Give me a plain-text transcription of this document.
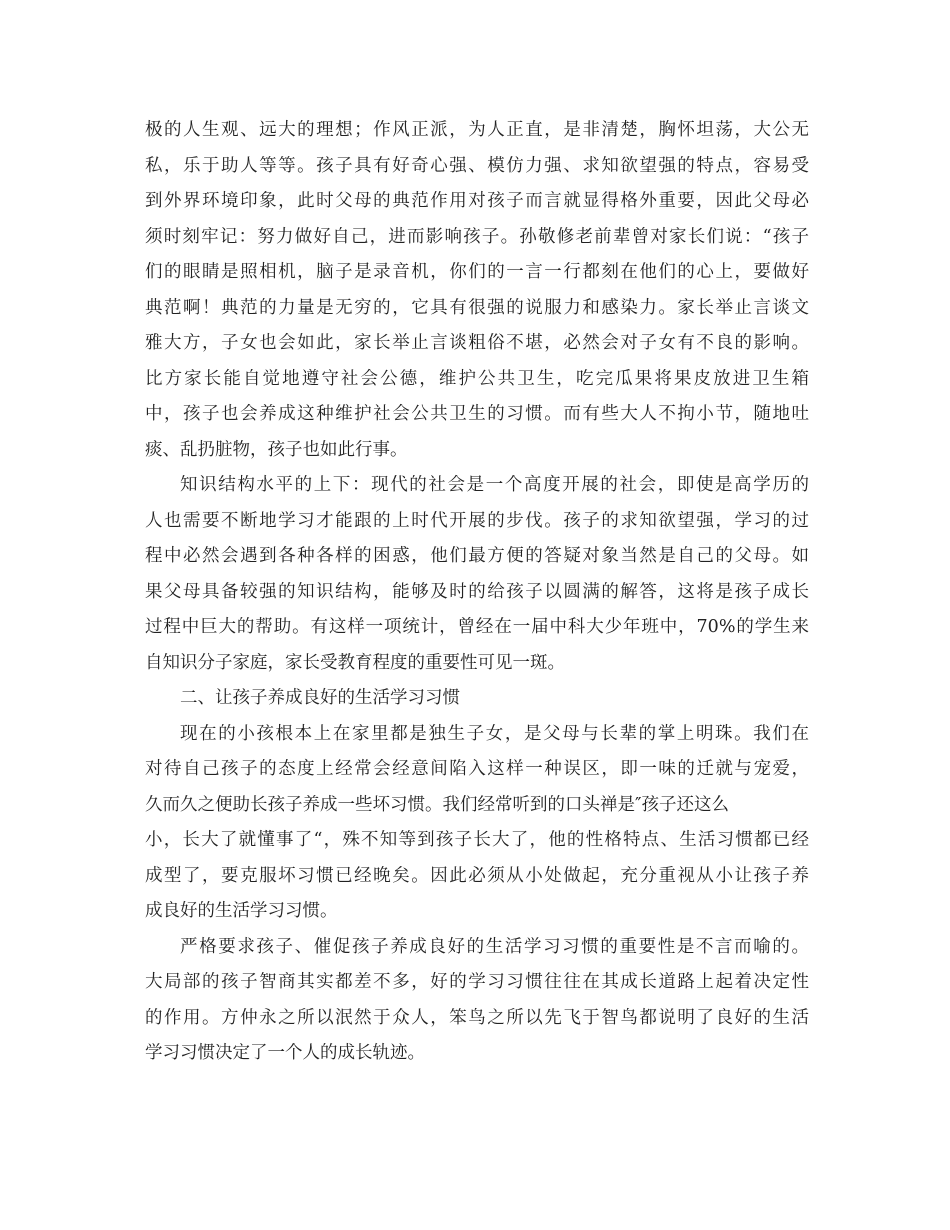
极的人生观、远大的理想；作风正派，为人正直，是非清楚，胸怀坦荡，大公无
私，乐于助人等等。孩子具有好奇心强、模仿力强、求知欲望强的特点，容易受
到外界环境印象，此时父母的典范作用对孩子而言就显得格外重要，因此父母必
须时刻牢记：努力做好自己，进而影响孩子。孙敬修老前辈曾对家长们说：“孩子
们的眼睛是照相机，脑子是录音机，你们的一言一行都刻在他们的心上，要做好
典范啊！典范的力量是无穷的，它具有很强的说服力和感染力。家长举止言谈文
雅大方，子女也会如此，家长举止言谈粗俗不堪，必然会对子女有不良的影响。
比方家长能自觉地遵守社会公德，维护公共卫生，吃完瓜果将果皮放进卫生箱
中，孩子也会养成这种维护社会公共卫生的习惯。而有些大人不拘小节，随地吐
痰、乱扔脏物，孩子也如此行事。

知识结构水平的上下：现代的社会是一个高度开展的社会，即使是高学历的
人也需要不断地学习才能跟的上时代开展的步伐。孩子的求知欲望强，学习的过
程中必然会遇到各种各样的困惑，他们最方便的答疑对象当然是自己的父母。如
果父母具备较强的知识结构，能够及时的给孩子以圆满的解答，这将是孩子成长
过程中巨大的帮助。有这样一项统计，曾经在一届中科大少年班中，70%的学生来
自知识分子家庭，家长受教育程度的重要性可见一斑。

二、让孩子养成良好的生活学习习惯

现在的小孩根本上在家里都是独生子女，是父母与长辈的掌上明珠。我们在
对待自己孩子的态度上经常会经意间陷入这样一种误区，即一味的迁就与宠爱，
久而久之便助长孩子养成一些坏习惯。我们经常听到的口头禅是″孩子还这么
小，长大了就懂事了“，殊不知等到孩子长大了，他的性格特点、生活习惯都已经
成型了，要克服坏习惯已经晚矣。因此必须从小处做起，充分重视从小让孩子养
成良好的生活学习习惯。

严格要求孩子、催促孩子养成良好的生活学习习惯的重要性是不言而喻的。
大局部的孩子智商其实都差不多，好的学习习惯往往在其成长道路上起着决定性
的作用。方仲永之所以泯然于众人，笨鸟之所以先飞于智鸟都说明了良好的生活
学习习惯决定了一个人的成长轨迹。
